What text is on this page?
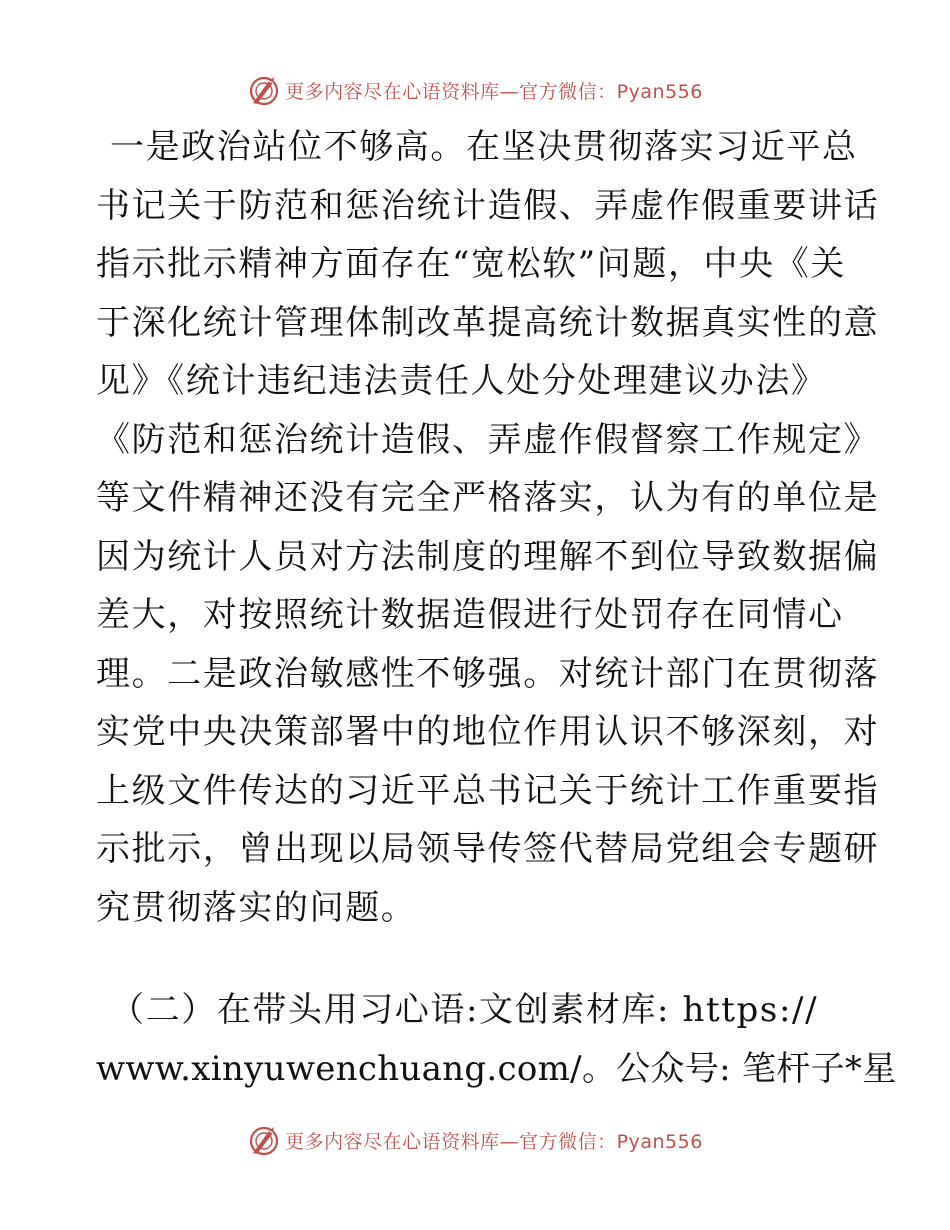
更多内容尽在心语资料库—官方微信：Pyan556
一是政治站位不够高。在坚决贯彻落实习近平总
书记关于防范和惩治统计造假、弄虚作假重要讲话
指示批示精神方面存在“宽松软”问题，中央《关
于深化统计管理体制改革提高统计数据真实性的意
见》《统计违纪违法责任人处分处理建议办法》
《防范和惩治统计造假、弄虚作假督察工作规定》
等文件精神还没有完全严格落实，认为有的单位是
因为统计人员对方法制度的理解不到位导致数据偏
差大，对按照统计数据造假进行处罚存在同情心
理。二是政治敏感性不够强。对统计部门在贯彻落
实党中央决策部署中的地位作用认识不够深刻，对
上级文件传达的习近平总书记关于统计工作重要指
示批示，曾出现以局领导传签代替局党组会专题研
究贯彻落实的问题。
（二）在带头用习心语:文创素材库: https://
www.xinyuwenchuang.com/。公众号: 笔杆子*星
更多内容尽在心语资料库—官方微信：Pyan556
